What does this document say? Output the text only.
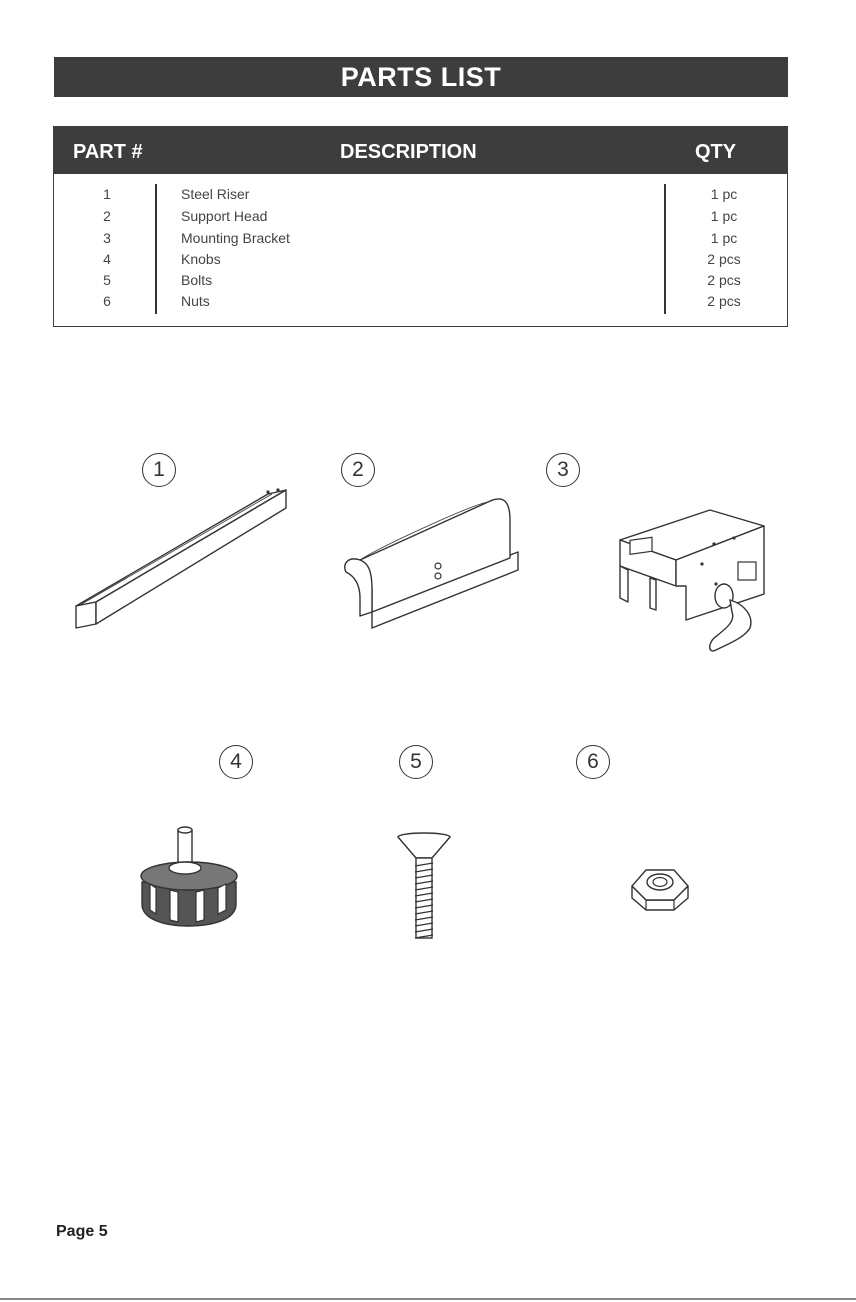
PARTS LIST
PART #	DESCRIPTION	QTY
1	Steel Riser	1 pc
2	Support Head	1 pc
3	Mounting Bracket	1 pc
4	Knobs	2 pcs
5	Bolts	2 pcs
6	Nuts	2 pcs
1	2	3
4	5	6
Page 5
